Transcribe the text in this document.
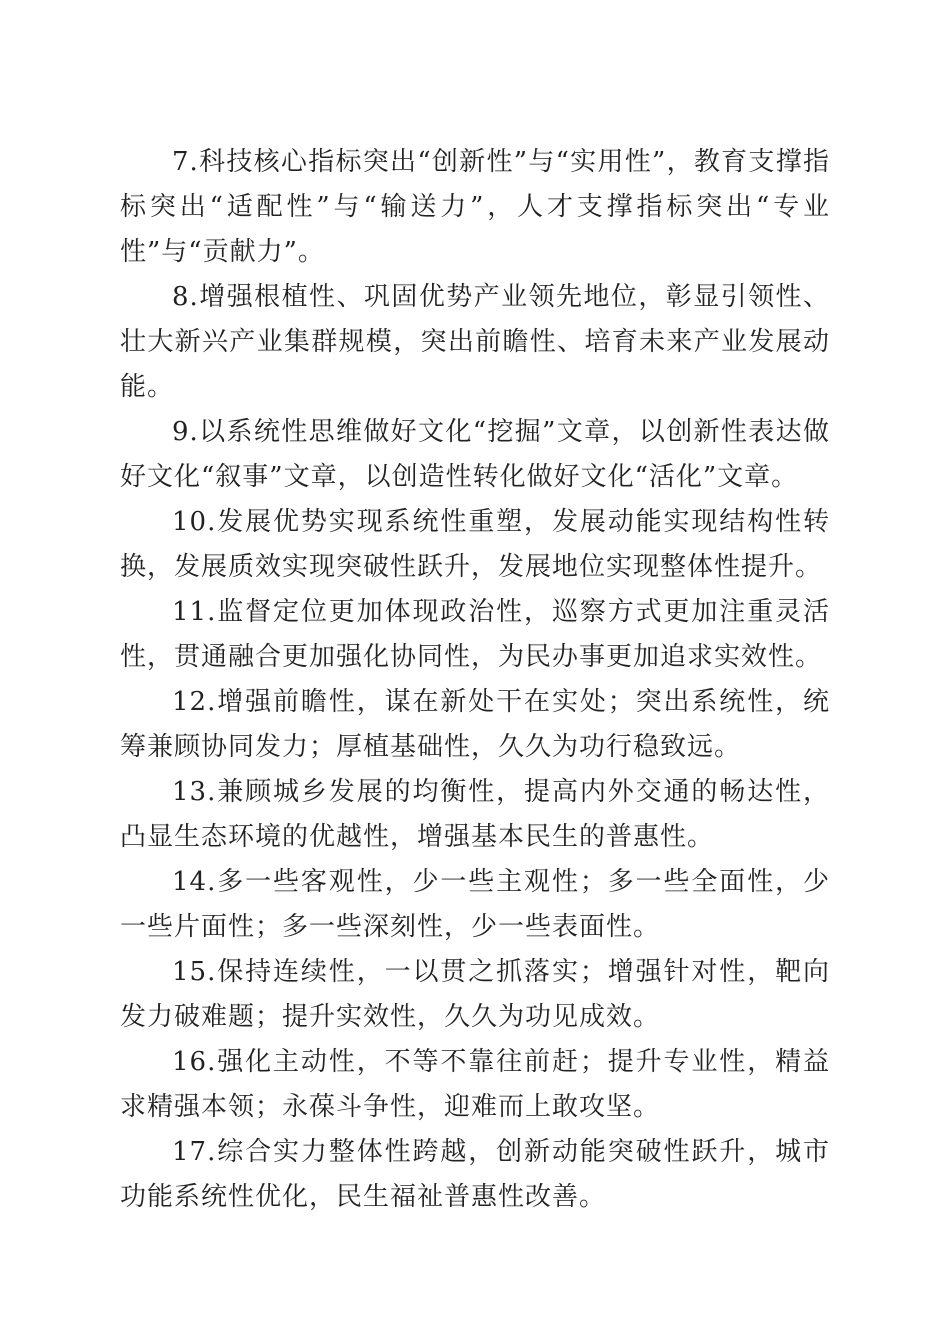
7.科技核心指标突出“创新性”与“实用性”，教育支撑指标突出“适配性”与“输送力”，人才支撑指标突出“专业性”与“贡献力”。

8.增强根植性、巩固优势产业领先地位，彰显引领性、壮大新兴产业集群规模，突出前瞻性、培育未来产业发展动能。

9.以系统性思维做好文化“挖掘”文章，以创新性表达做好文化“叙事”文章，以创造性转化做好文化“活化”文章。

10.发展优势实现系统性重塑，发展动能实现结构性转换，发展质效实现突破性跃升，发展地位实现整体性提升。

11.监督定位更加体现政治性，巡察方式更加注重灵活性，贯通融合更加强化协同性，为民办事更加追求实效性。

12.增强前瞻性，谋在新处干在实处；突出系统性，统筹兼顾协同发力；厚植基础性，久久为功行稳致远。

13.兼顾城乡发展的均衡性，提高内外交通的畅达性，凸显生态环境的优越性，增强基本民生的普惠性。

14.多一些客观性，少一些主观性；多一些全面性，少一些片面性；多一些深刻性，少一些表面性。

15.保持连续性，一以贯之抓落实；增强针对性，靶向发力破难题；提升实效性，久久为功见成效。

16.强化主动性，不等不靠往前赶；提升专业性，精益求精强本领；永葆斗争性，迎难而上敢攻坚。

17.综合实力整体性跨越，创新动能突破性跃升，城市功能系统性优化，民生福祉普惠性改善。
